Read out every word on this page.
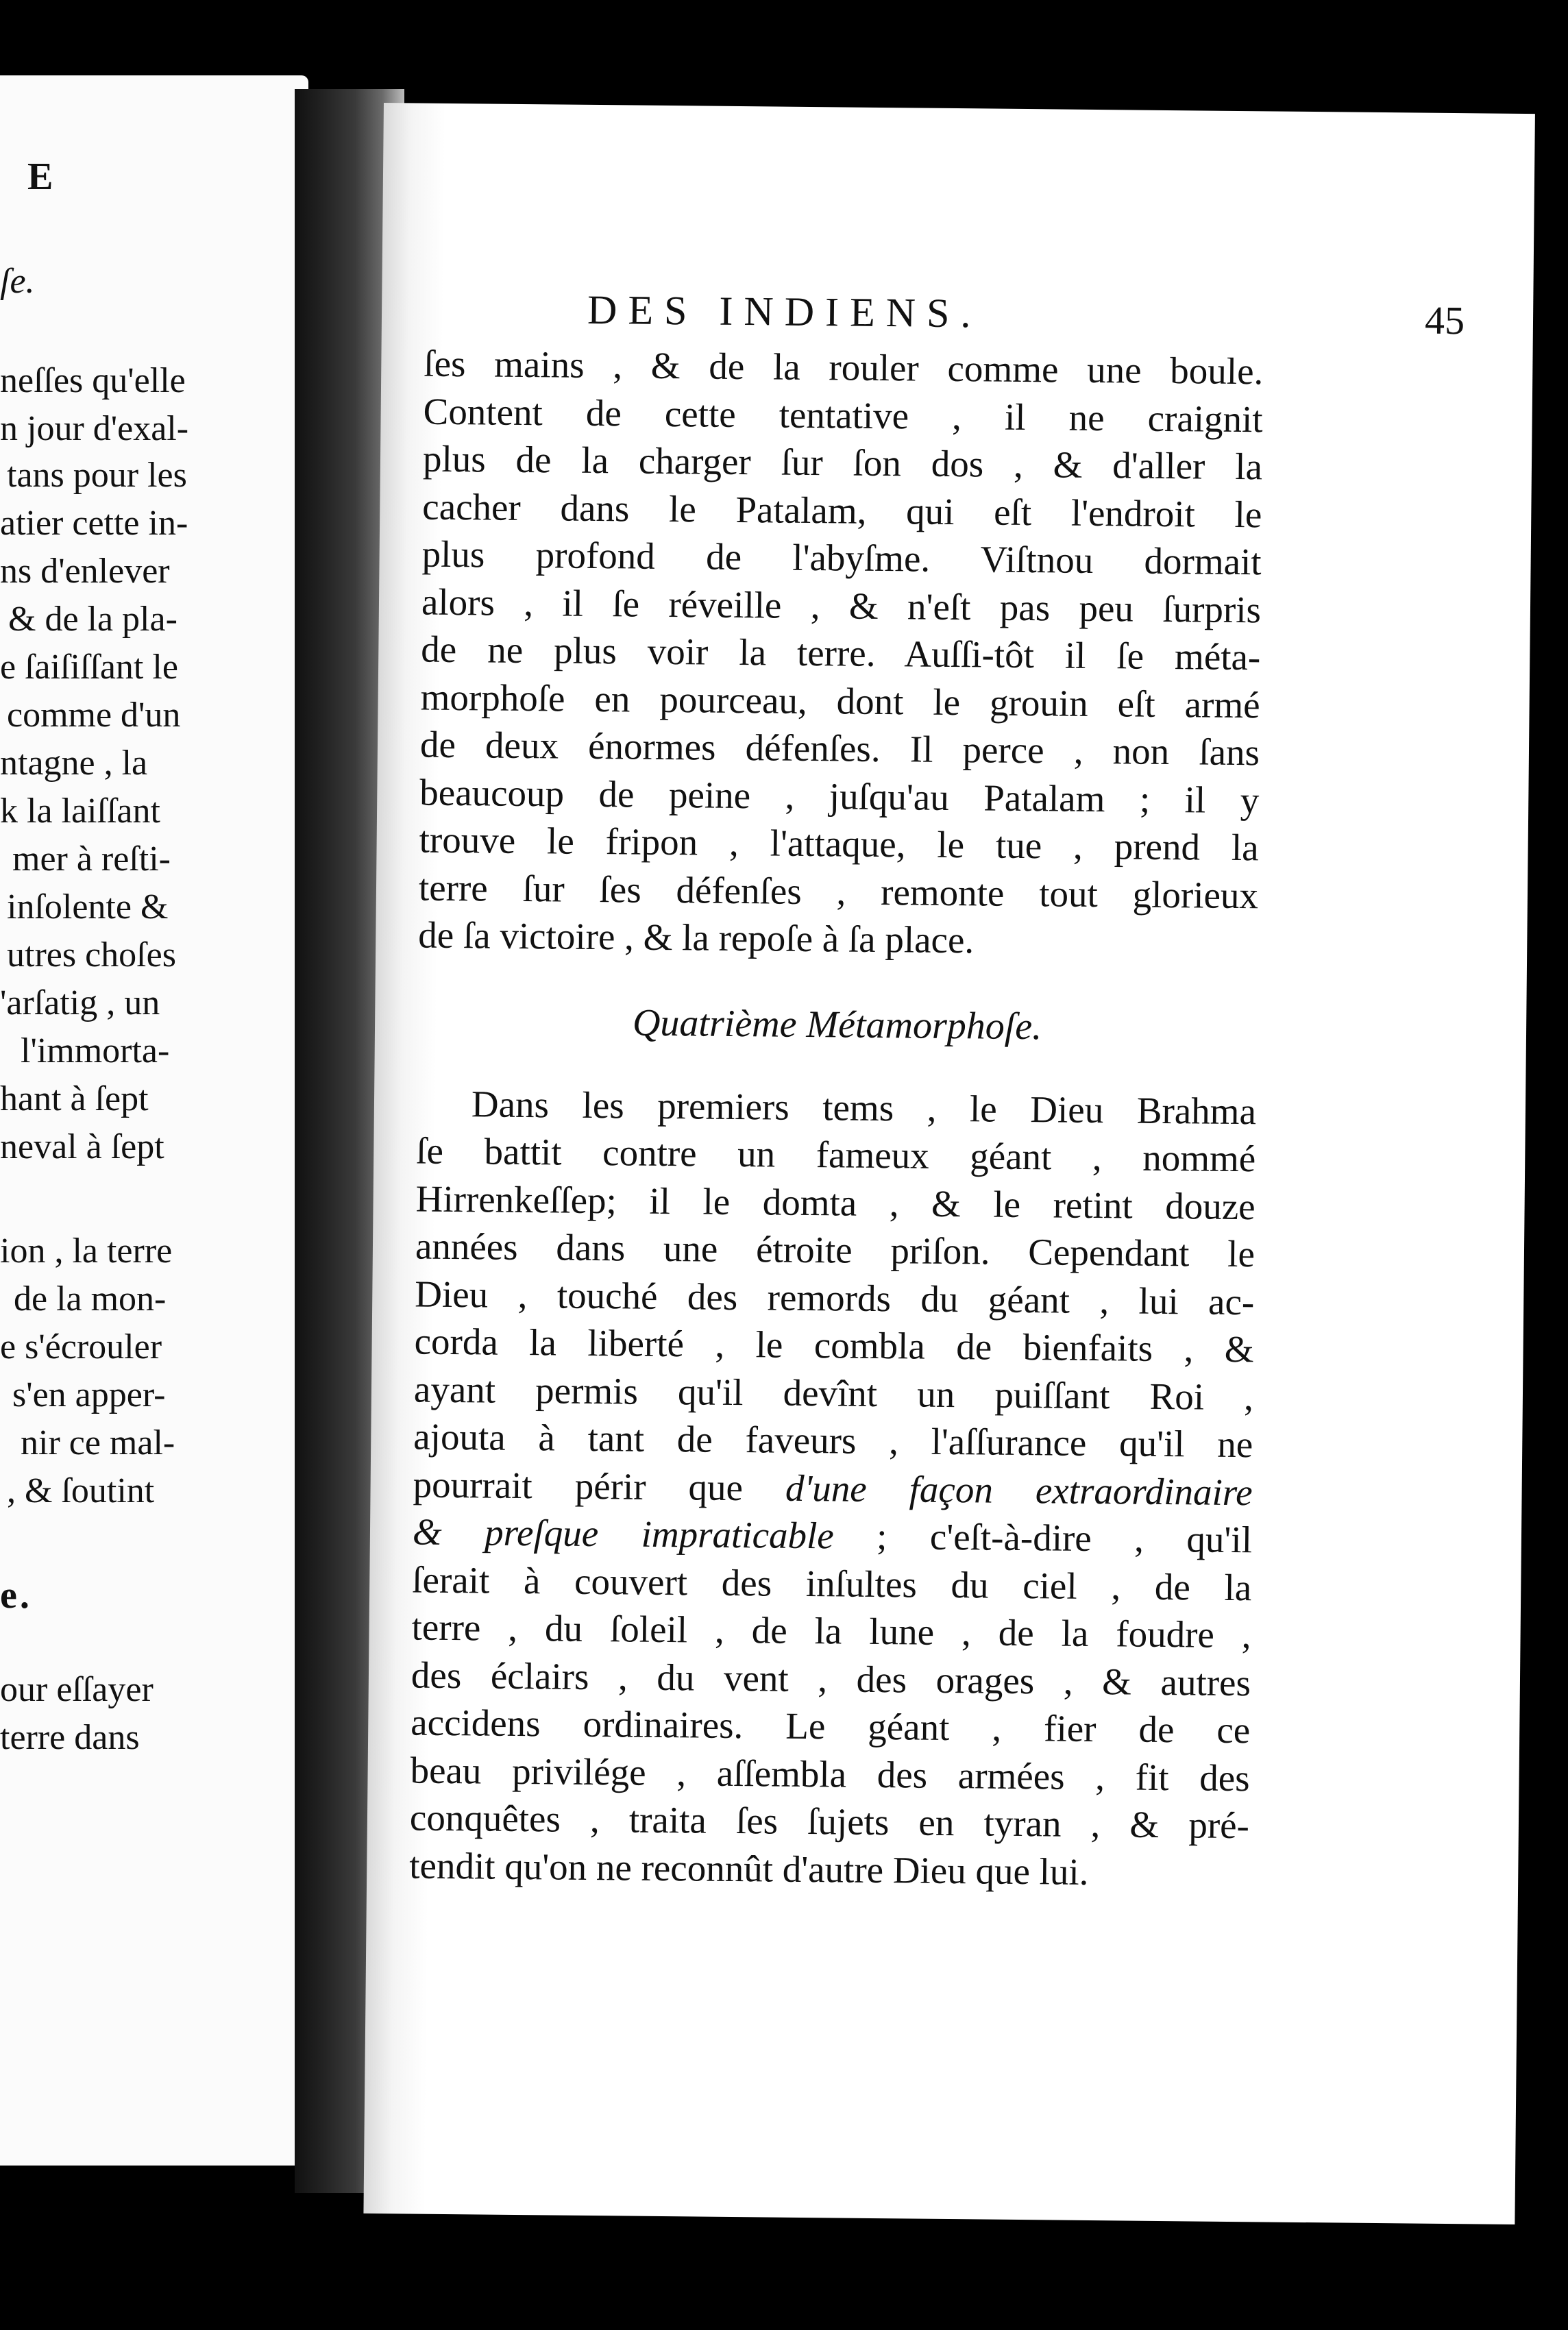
E
ſe.
neſſes qu'elle
n jour d'exal-
tans pour les
atier cette in-
ns d'enlever
& de la pla-
e ſaiſiſſant le
comme d'un
ntagne , la
k la laiſſant
mer à reſti-
inſolente &
utres choſes
'arſatig , un
l'immorta-
hant à ſept
neval à ſept
ion , la terre
de la mon-
e s'écrouler
s'en apper-
nir ce mal-
, & ſoutint
e.
our eſſayer
terre dans
DES INDIENS.	45
ſes mains , & de la rouler comme une boule.
Content de cette tentative , il ne craignit
plus de la charger ſur ſon dos , & d'aller la
cacher dans le Patalam, qui eſt l'endroit le
plus profond de l'abyſme. Viſtnou dormait
alors , il ſe réveille , & n'eſt pas peu ſurpris
de ne plus voir la terre. Auſſi-tôt il ſe méta-
morphoſe en pourceau, dont le grouin eſt armé
de deux énormes défenſes. Il perce , non ſans
beaucoup de peine , juſqu'au Patalam ; il y
trouve le fripon , l'attaque, le tue , prend la
terre ſur ſes défenſes , remonte tout glorieux
de ſa victoire , & la repoſe à ſa place.
Quatrième Métamorphoſe.
Dans les premiers tems , le Dieu Brahma
ſe battit contre un fameux géant , nommé
Hirrenkeſſep; il le domta , & le retint douze
années dans une étroite priſon. Cependant le
Dieu , touché des remords du géant , lui ac-
corda la liberté , le combla de bienfaits , &
ayant permis qu'il devînt un puiſſant Roi ,
ajouta à tant de faveurs , l'aſſurance qu'il ne
pourrait périr que d'une façon extraordinaire
& preſque impraticable ; c'eſt-à-dire , qu'il
ſerait à couvert des inſultes du ciel , de la
terre , du ſoleil , de la lune , de la foudre ,
des éclairs , du vent , des orages , & autres
accidens ordinaires. Le géant , fier de ce
beau privilége , aſſembla des armées , fit des
conquêtes , traita ſes ſujets en tyran , & pré-
tendit qu'on ne reconnût d'autre Dieu que lui.
